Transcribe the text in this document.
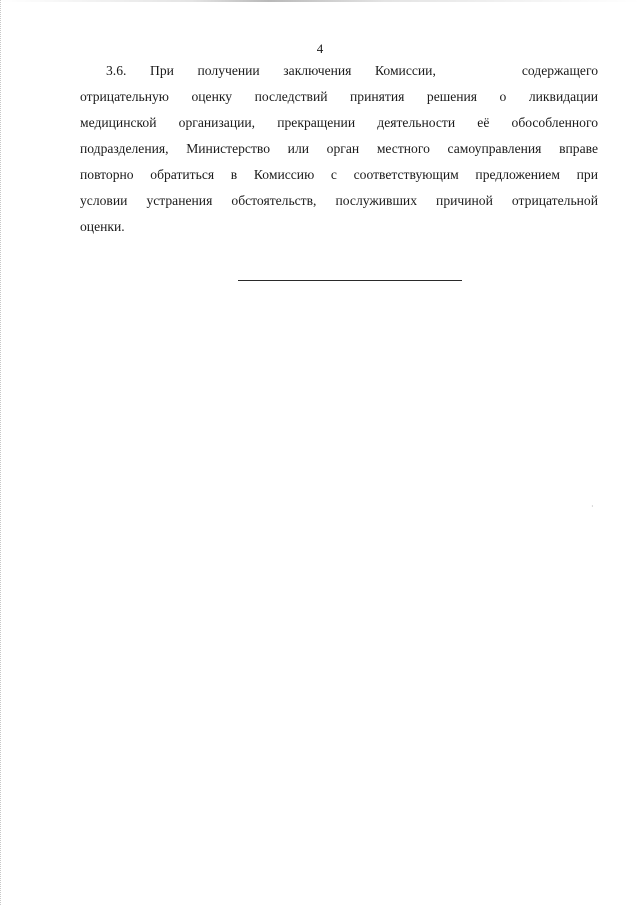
4
3.6. При получении заключения Комиссии,	содержащего
отрицательную оценку последствий принятия решения о ликвидации
медицинской организации, прекращении деятельности её обособленного
подразделения, Министерство или орган местного самоуправления вправе
повторно обратиться в Комиссию с соответствующим предложением при
условии устранения обстоятельств, послуживших причиной отрицательной
оценки.
·
